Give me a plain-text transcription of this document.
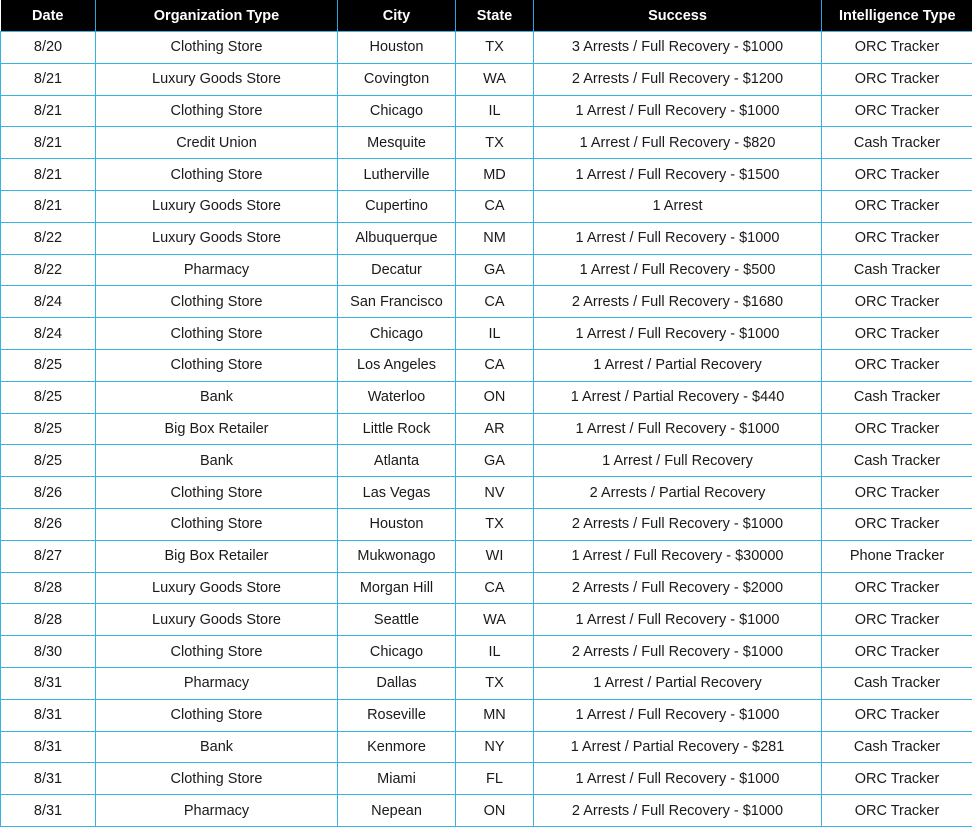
Date	Organization Type	City	State	Success	Intelligence Type
8/20	Clothing Store	Houston	TX	3 Arrests / Full Recovery - $1000	ORC Tracker
8/21	Luxury Goods Store	Covington	WA	2 Arrests / Full Recovery - $1200	ORC Tracker
8/21	Clothing Store	Chicago	IL	1 Arrest / Full Recovery - $1000	ORC Tracker
8/21	Credit Union	Mesquite	TX	1 Arrest / Full Recovery - $820	Cash Tracker
8/21	Clothing Store	Lutherville	MD	1 Arrest / Full Recovery - $1500	ORC Tracker
8/21	Luxury Goods Store	Cupertino	CA	1 Arrest	ORC Tracker
8/22	Luxury Goods Store	Albuquerque	NM	1 Arrest / Full Recovery - $1000	ORC Tracker
8/22	Pharmacy	Decatur	GA	1 Arrest / Full Recovery - $500	Cash Tracker
8/24	Clothing Store	San Francisco	CA	2 Arrests / Full Recovery - $1680	ORC Tracker
8/24	Clothing Store	Chicago	IL	1 Arrest / Full Recovery - $1000	ORC Tracker
8/25	Clothing Store	Los Angeles	CA	1 Arrest / Partial Recovery	ORC Tracker
8/25	Bank	Waterloo	ON	1 Arrest / Partial Recovery - $440	Cash Tracker
8/25	Big Box Retailer	Little Rock	AR	1 Arrest / Full Recovery - $1000	ORC Tracker
8/25	Bank	Atlanta	GA	1 Arrest / Full Recovery	Cash Tracker
8/26	Clothing Store	Las Vegas	NV	2 Arrests / Partial Recovery	ORC Tracker
8/26	Clothing Store	Houston	TX	2 Arrests / Full Recovery - $1000	ORC Tracker
8/27	Big Box Retailer	Mukwonago	WI	1 Arrest / Full Recovery - $30000	Phone Tracker
8/28	Luxury Goods Store	Morgan Hill	CA	2 Arrests / Full Recovery - $2000	ORC Tracker
8/28	Luxury Goods Store	Seattle	WA	1 Arrest / Full Recovery - $1000	ORC Tracker
8/30	Clothing Store	Chicago	IL	2 Arrests / Full Recovery - $1000	ORC Tracker
8/31	Pharmacy	Dallas	TX	1 Arrest / Partial Recovery	Cash Tracker
8/31	Clothing Store	Roseville	MN	1 Arrest / Full Recovery - $1000	ORC Tracker
8/31	Bank	Kenmore	NY	1 Arrest / Partial Recovery - $281	Cash Tracker
8/31	Clothing Store	Miami	FL	1 Arrest / Full Recovery - $1000	ORC Tracker
8/31	Pharmacy	Nepean	ON	2 Arrests / Full Recovery - $1000	ORC Tracker
